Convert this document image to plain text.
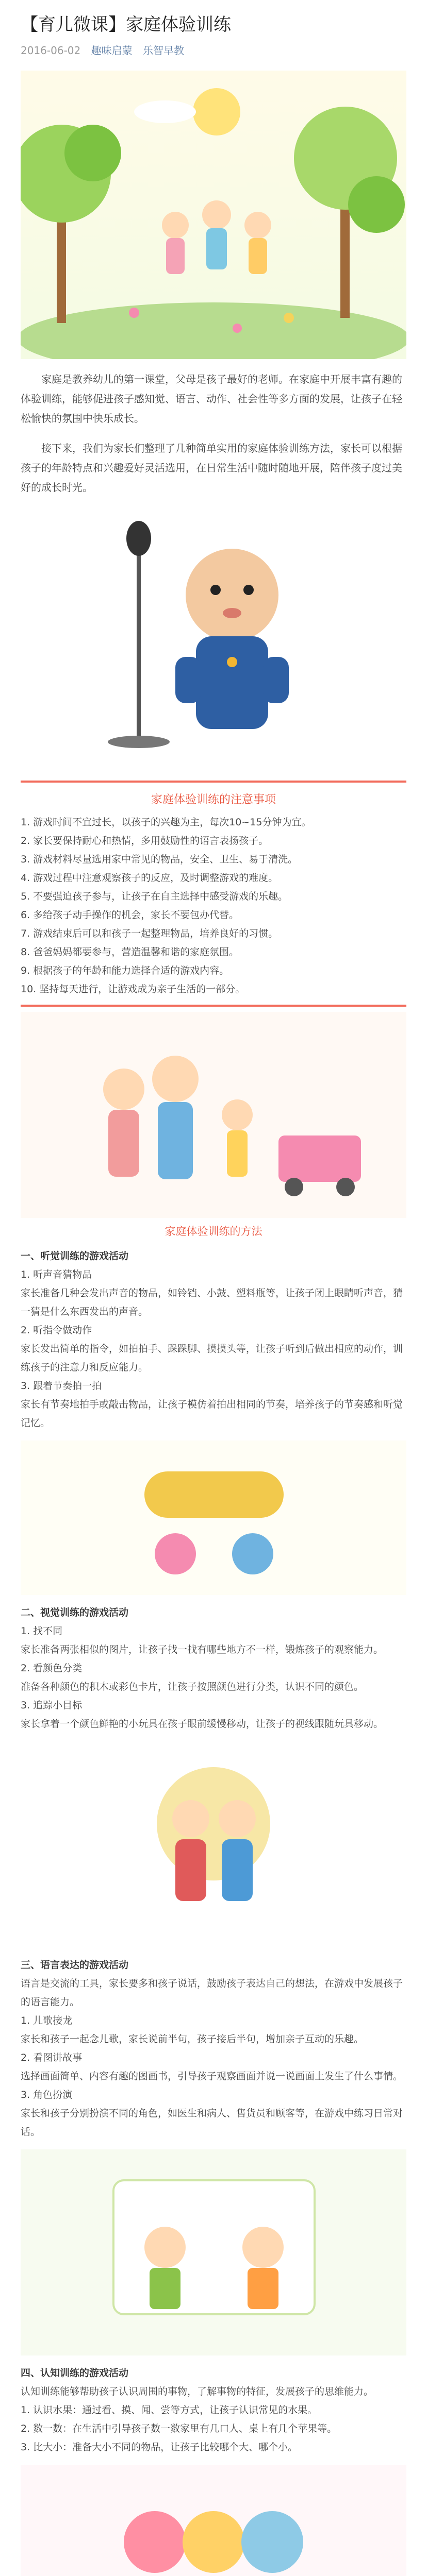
【育儿微课】家庭体验训练
2016-06-02 趣味启蒙 乐智早教

家庭是教养幼儿的第一课堂，父母是孩子最好的老师。在家庭中开展丰富有趣的体验训练，能够促进孩子感知觉、语言、动作、社会性等多方面的发展，让孩子在轻松愉快的氛围中快乐成长。

接下来，我们为家长们整理了几种简单实用的家庭体验训练方法，家长可以根据孩子的年龄特点和兴趣爱好灵活选用，在日常生活中随时随地开展，陪伴孩子度过美好的成长时光。

家庭体验训练的注意事项
1. 游戏时间不宜过长，以孩子的兴趣为主，每次10~15分钟为宜。
2. 家长要保持耐心和热情，多用鼓励性的语言表扬孩子。
3. 游戏材料尽量选用家中常见的物品，安全、卫生、易于清洗。
4. 游戏过程中注意观察孩子的反应，及时调整游戏的难度。
5. 不要强迫孩子参与，让孩子在自主选择中感受游戏的乐趣。
6. 多给孩子动手操作的机会，家长不要包办代替。
7. 游戏结束后可以和孩子一起整理物品，培养良好的习惯。
8. 爸爸妈妈都要参与，营造温馨和谐的家庭氛围。
9. 根据孩子的年龄和能力选择合适的游戏内容。
10. 坚持每天进行，让游戏成为亲子生活的一部分。
家庭体验训练的方法
一、听觉训练的游戏活动
1. 听声音猜物品
家长准备几种会发出声音的物品，如铃铛、小鼓、塑料瓶等，让孩子闭上眼睛听声音，猜一猜是什么东西发出的声音。
2. 听指令做动作
家长发出简单的指令，如拍拍手、跺跺脚、摸摸头等，让孩子听到后做出相应的动作，训练孩子的注意力和反应能力。
3. 跟着节奏拍一拍
家长有节奏地拍手或敲击物品，让孩子模仿着拍出相同的节奏，培养孩子的节奏感和听觉记忆。
二、视觉训练的游戏活动
1. 找不同
家长准备两张相似的图片，让孩子找一找有哪些地方不一样，锻炼孩子的观察能力。
2. 看颜色分类
准备各种颜色的积木或彩色卡片，让孩子按照颜色进行分类，认识不同的颜色。
3. 追踪小目标
家长拿着一个颜色鲜艳的小玩具在孩子眼前缓慢移动，让孩子的视线跟随玩具移动。
三、语言表达的游戏活动
语言是交流的工具，家长要多和孩子说话，鼓励孩子表达自己的想法，在游戏中发展孩子的语言能力。
1. 儿歌接龙
家长和孩子一起念儿歌，家长说前半句，孩子接后半句，增加亲子互动的乐趣。
2. 看图讲故事
选择画面简单、内容有趣的图画书，引导孩子观察画面并说一说画面上发生了什么事情。
3. 角色扮演
家长和孩子分别扮演不同的角色，如医生和病人、售货员和顾客等，在游戏中练习日常对话。
四、认知训练的游戏活动
认知训练能够帮助孩子认识周围的事物，了解事物的特征，发展孩子的思维能力。
1. 认识水果：通过看、摸、闻、尝等方式，让孩子认识常见的水果。
2. 数一数：在生活中引导孩子数一数家里有几口人、桌上有几个苹果等。
3. 比大小：准备大小不同的物品，让孩子比较哪个大、哪个小。
